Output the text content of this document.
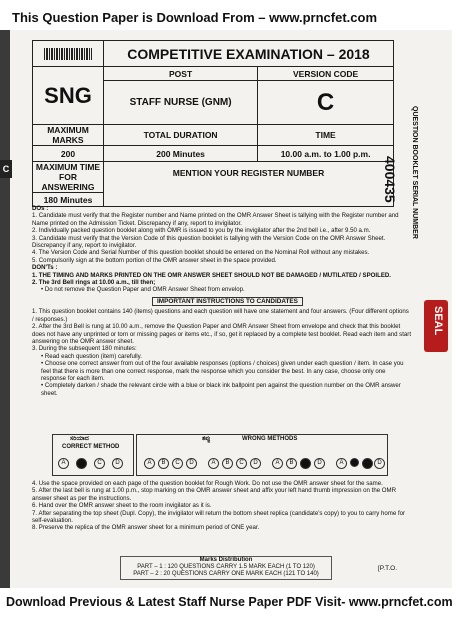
This Question Paper is Download From – www.prncfet.com
C
	COMPETITIVE EXAMINATION – 2018	
SNG	POST	VERSION CODE
	STAFF NURSE (GNM)	C
MAXIMUM MARKS	TOTAL DURATION	TIME
200	200 Minutes	10.00 a.m. to 1.00 p.m.
MAXIMUM TIME FOR ANSWERING	MENTION YOUR REGISTER NUMBER	
180 Minutes			QUESTION BOOKLET SERIAL NUMBER
400435
SEAL

DOs :

1. Candidate must verify that the Register number and Name printed on the OMR Answer Sheet is tallying with the Register number and Name printed on the Admission Ticket. Discrepancy if any, report to invigilator.

2. Individually packed question booklet along with OMR is issued to you by the invigilator after the 2nd bell i.e., after 9.50 a.m.

3. Candidate must verify that the Version Code of this question booklet is tallying with the Version Code on the OMR Answer Sheet. Discrepancy if any, report to invigilator.

4. The Version Code and Serial Number of this question booklet should be entered on the Nominal Roll without any mistakes.

5. Compulsorily sign at the bottom portion of the OMR answer sheet in the space provided.

DON'Ts :

1. THE TIMING AND MARKS PRINTED ON THE OMR ANSWER SHEET SHOULD NOT BE DAMAGED / MUTILATED / SPOILED.

2. The 3rd Bell rings at 10.00 a.m., till then;

• Do not remove the Question Paper and OMR Answer Sheet from envelop.

IMPORTANT INSTRUCTIONS TO CANDIDATES

1. This question booklet contains 140 (items) questions and each question will have one statement and four answers. (Four different options / responses.)

2. After the 3rd Bell is rung at 10.00 a.m., remove the Question Paper and OMR Answer Sheet from envelope and check that this booklet does not have any unprinted or torn or missing pages or items etc., if so, get it replaced by a complete test booklet. Read each item and start answering on the OMR answer sheet.

3. During the subsequent 180 minutes:

• Read each question (item) carefully.

• Choose one correct answer from out of the four available responses (options / choices) given under each question / item. In case you feel that there is more than one correct response, mark the response which you consider the best. In any case, choose only one response for each item.

• Completely darken / shade the relevant circle with a blue or black ink ballpoint pen against the question number on the OMR answer sheet.

ಸರಿಯಾದ
CORRECT METHOD
ತಪ್ಪು	WRONG METHODS
A	C	D	A	B	C	D	A	B	C	D	A	B	D	A	D

4. Use the space provided on each page of the question booklet for Rough Work. Do not use the OMR answer sheet for the same.

5. After the last bell is rung at 1.00 p.m., stop marking on the OMR answer sheet and affix your left hand thumb impression on the OMR answer sheet as per the instructions.

6. Hand over the OMR answer sheet to the room invigilator as it is.

7. After separating the top sheet (Dupl. Copy), the invigilator will return the bottom sheet replica (candidate's copy) to you to carry home for self-evaluation.

8. Preserve the replica of the OMR answer sheet for a minimum period of ONE year.

Marks Distribution
PART – 1 : 120 QUESTIONS CARRY 1.5 MARK EACH (1 TO 120)
PART – 2 : 20 QUESTIONS CARRY ONE MARK EACH (121 TO 140)
[P.T.O.
Download Previous & Latest Staff Nurse Paper PDF Visit- www.prncfet.com
